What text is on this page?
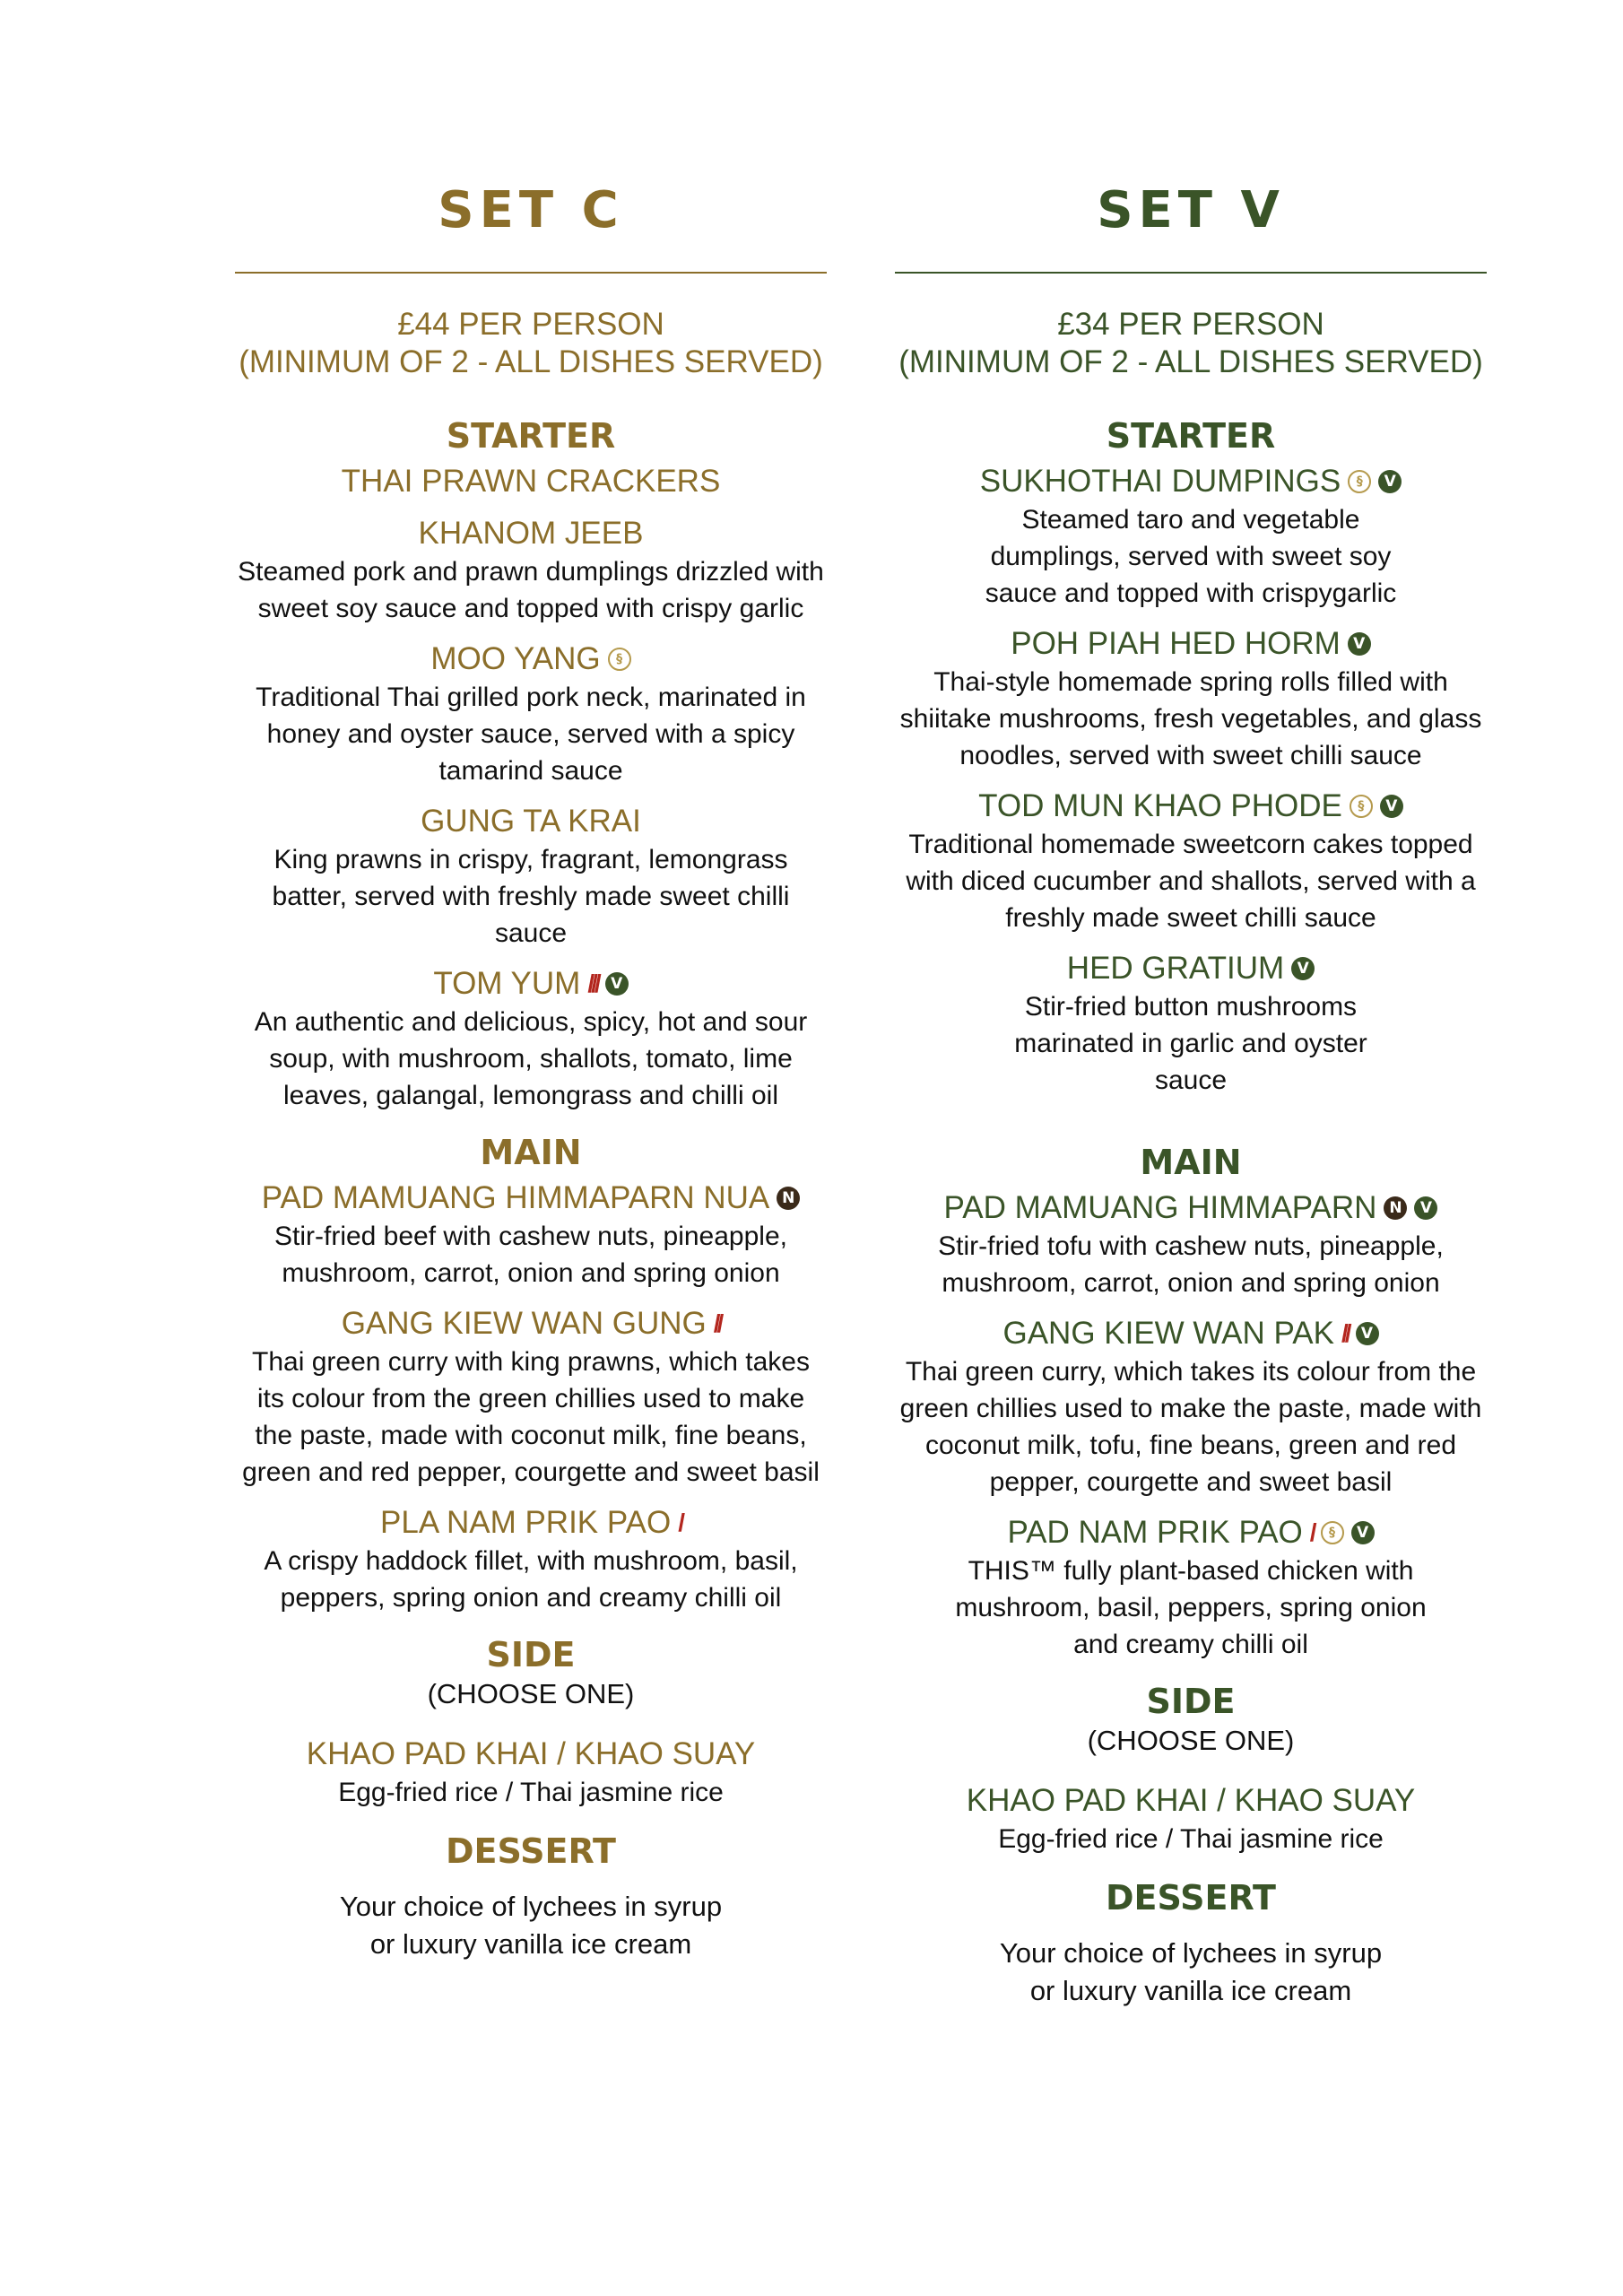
SET C
£44 PER PERSON
(MINIMUM OF 2 - ALL DISHES SERVED)
STARTER
THAI PRAWN CRACKERS
KHANOM JEEB
Steamed pork and prawn dumplings drizzled with sweet soy sauce and topped with crispy garlic
MOO YANG	§
Traditional Thai grilled pork neck, marinated in honey and oyster sauce, served with a spicy tamarind sauce
GUNG TA KRAI
King prawns in crispy, fragrant, lemongrass batter, served with freshly made sweet chilli sauce
TOM YUM /// V
An authentic and delicious, spicy, hot and sour soup, with mushroom, shallots, tomato, lime leaves, galangal, lemongrass and chilli oil
MAIN
PAD MAMUANG HIMMAPARN NUA N
Stir-fried beef with cashew nuts, pineapple, mushroom, carrot, onion and spring onion
GANG KIEW WAN GUNG //
Thai green curry with king prawns, which takes its colour from the green chillies used to make the paste, made with coconut milk, fine beans, green and red pepper, courgette and sweet basil
PLA NAM PRIK PAO /
A crispy haddock fillet, with mushroom, basil, peppers, spring onion and creamy chilli oil
SIDE
(CHOOSE ONE)
KHAO PAD KHAI / KHAO SUAY
Egg-fried rice / Thai jasmine rice
DESSERT
Your choice of lychees in syrup or luxury vanilla ice cream
SET V
£34 PER PERSON
(MINIMUM OF 2 - ALL DISHES SERVED)
STARTER
SUKHOTHAI DUMPINGS	§	V
Steamed taro and vegetable dumplings, served with sweet soy sauce and topped with crispygarlic
POH PIAH HED HORM V
Thai-style homemade spring rolls filled with shiitake mushrooms, fresh vegetables, and glass noodles, served with sweet chilli sauce
TOD MUN KHAO PHODE	§	V
Traditional homemade sweetcorn cakes topped with diced cucumber and shallots, served with a freshly made sweet chilli sauce
HED GRATIUM V
Stir-fried button mushrooms marinated in garlic and oyster sauce
MAIN
PAD MAMUANG HIMMAPARN N	V
Stir-fried tofu with cashew nuts, pineapple, mushroom, carrot, onion and spring onion
GANG KIEW WAN PAK // V
Thai green curry, which takes its colour from the green chillies used to make the paste, made with coconut milk, tofu, fine beans, green and red pepper, courgette and sweet basil
PAD NAM PRIK PAO /	§	V
THIS™ fully plant-based chicken with mushroom, basil, peppers, spring onion and creamy chilli oil
SIDE
(CHOOSE ONE)
KHAO PAD KHAI / KHAO SUAY
Egg-fried rice / Thai jasmine rice
DESSERT
Your choice of lychees in syrup or luxury vanilla ice cream
